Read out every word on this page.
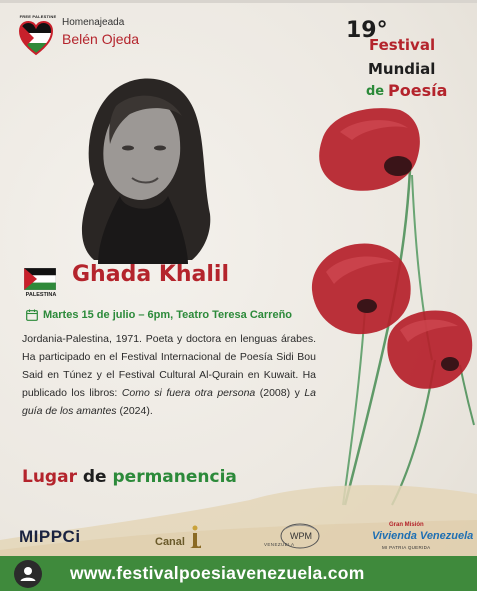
FREE PALESTINE
Homenajeada
Belén Ojeda	19°
Festival
Mundial
de Poesía
PALESTINA
Ghada Khalil
Martes 15 de julio – 6pm, Teatro Teresa Carreño

Jordania-Palestina, 1971. Poeta y doctora en lenguas árabes. Ha participado en el Festival Internacional de Poesía Sidi Bou Said en Túnez y el Festival Cultural Al-Qurain en Kuwait. Ha publicado los libros: Como si fuera otra persona (2008) y La guía de los amantes (2024).

Lugar de permanencia
MIPPCi	Canal	WPM
VENEZUELA
Gran Misión
Vivienda Venezuela
MI PATRIA QUERIDA
www.festivalpoesiavenezuela.com
